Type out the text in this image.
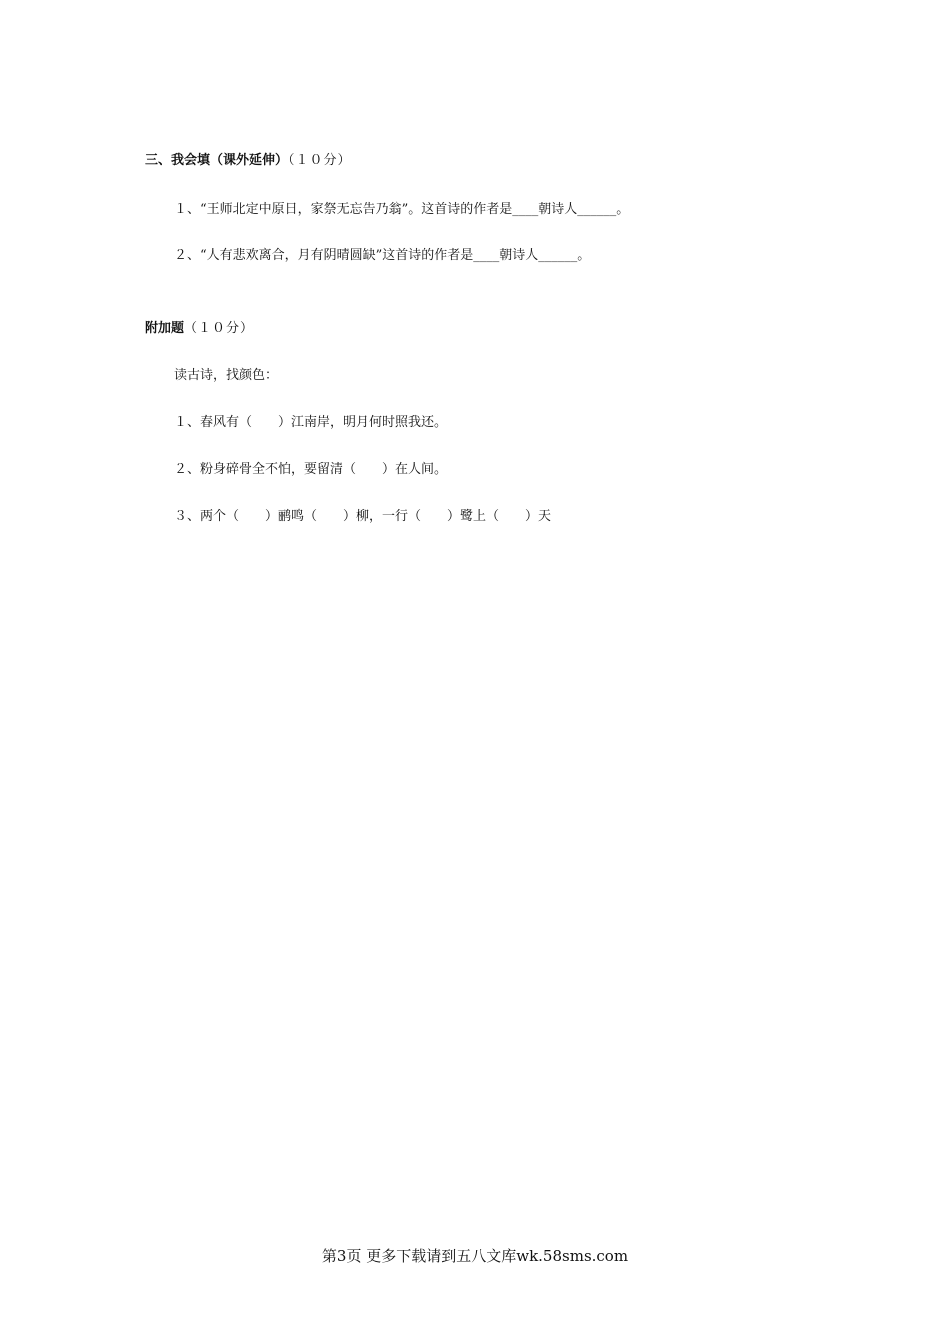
三、我会填（课外延伸）（１０分）
１、“王师北定中原日，家祭无忘告乃翁”。这首诗的作者是____朝诗人______。
２、“人有悲欢离合，月有阴晴圆缺”这首诗的作者是____朝诗人______。
附加题（１０分）
读古诗，找颜色：
１、春风有（　　）江南岸，明月何时照我还。
２、粉身碎骨全不怕，要留清（　　）在人间。
３、两个（　　）鹂鸣（　　）柳，一行（　　）鹭上（　　）天
第3页 更多下载请到五八文库wk.58sms.com
